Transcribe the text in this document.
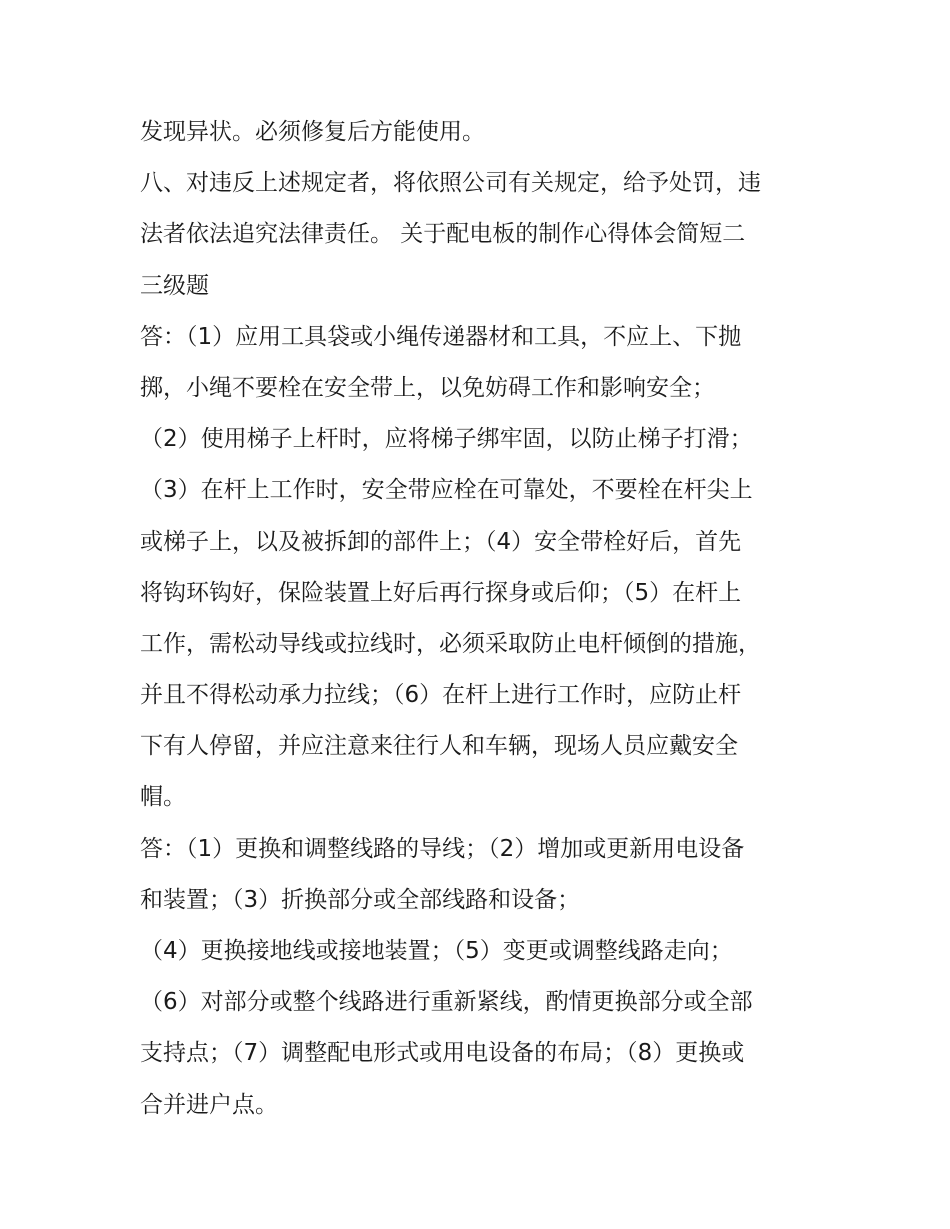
发现异状。必须修复后方能使用。
八、对违反上述规定者，将依照公司有关规定，给予处罚，违
法者依法追究法律责任。 关于配电板的制作心得体会简短二
三级题
答：（1）应用工具袋或小绳传递器材和工具，不应上、下抛
掷，小绳不要栓在安全带上，以免妨碍工作和影响安全；
（2）使用梯子上杆时，应将梯子绑牢固，以防止梯子打滑；
（3）在杆上工作时，安全带应栓在可靠处，不要栓在杆尖上
或梯子上，以及被拆卸的部件上；（4）安全带栓好后，首先
将钩环钩好，保险装置上好后再行探身或后仰；（5）在杆上
工作，需松动导线或拉线时，必须采取防止电杆倾倒的措施，
并且不得松动承力拉线；（6）在杆上进行工作时，应防止杆
下有人停留，并应注意来往行人和车辆，现场人员应戴安全
帽。
答：（1）更换和调整线路的导线；（2）增加或更新用电设备
和装置；（3）折换部分或全部线路和设备；
（4）更换接地线或接地装置；（5）变更或调整线路走向；
（6）对部分或整个线路进行重新紧线，酌情更换部分或全部
支持点；（7）调整配电形式或用电设备的布局；（8）更换或
合并进户点。
